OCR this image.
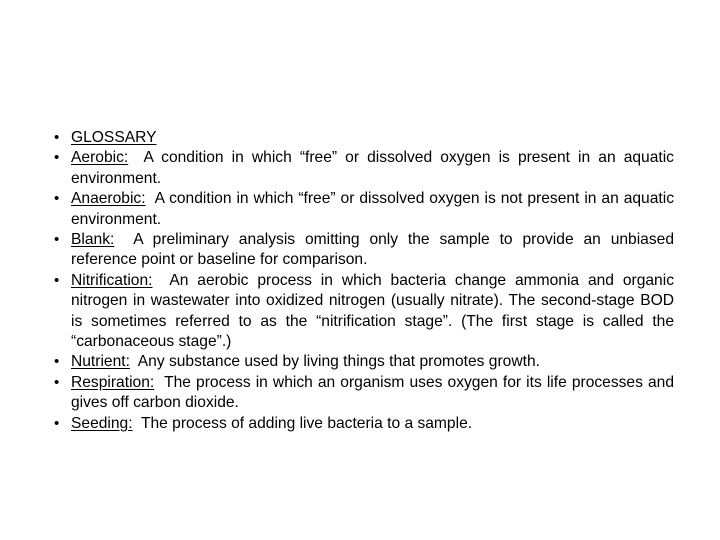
• GLOSSARY
• Aerobic: A condition in which “free” or dissolved oxygen is present in an aquatic environment.
• Anaerobic: A condition in which “free” or dissolved oxygen is not present in an aquatic environment.
• Blank: A preliminary analysis omitting only the sample to provide an unbiased reference point or baseline for comparison.
• Nitrification: An aerobic process in which bacteria change ammonia and organic nitrogen in wastewater into oxidized nitrogen (usually nitrate). The second-stage BOD is sometimes referred to as the “nitrification stage”. (The first stage is called the “carbonaceous stage”.)
• Nutrient: Any substance used by living things that promotes growth.
• Respiration: The process in which an organism uses oxygen for its life processes and gives off carbon dioxide.
• Seeding: The process of adding live bacteria to a sample.
